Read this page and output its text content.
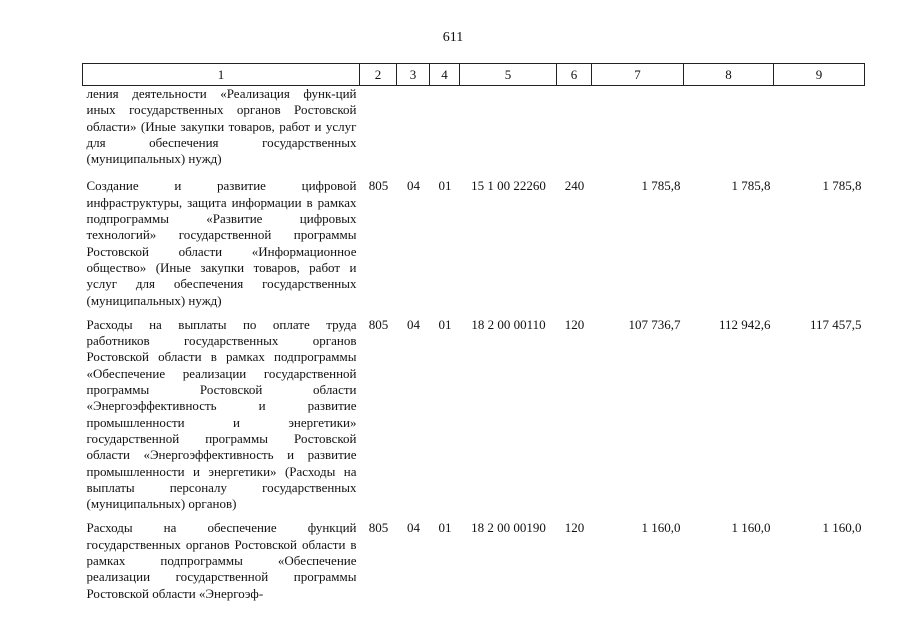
611
1	2	3	4	5	6	7	8	9
ления деятельности «Реализация функ-ций иных государственных органов Ростовской области» (Иные закупки товаров, работ и услуг для обеспечения государственных (муниципальных) нужд)								
Создание и развитие цифровой инфраструктуры, защита информации в рамках подпрограммы «Развитие цифровых технологий» государственной программы Ростовской области «Информационное общество» (Иные закупки товаров, работ и услуг для обеспечения государственных (муниципальных) нужд)	805	04	01	15 1 00 22260	240	1 785,8	1 785,8	1 785,8
Расходы на выплаты по оплате труда работников государственных органов Ростовской области в рамках подпрограммы «Обеспечение реализации государственной программы Ростовской области «Энергоэффективность и развитие промышленности и энергетики» государственной программы Ростовской области «Энергоэффективность и развитие промышленности и энергетики» (Расходы на выплаты персоналу государственных (муниципальных) органов)	805	04	01	18 2 00 00110	120	107 736,7	112 942,6	117 457,5
Расходы на обеспечение функций государственных органов Ростовской области в рамках подпрограммы «Обеспечение реализации государственной программы Ростовской области «Энергоэф-	805	04	01	18 2 00 00190	120	1 160,0	1 160,0	1 160,0
